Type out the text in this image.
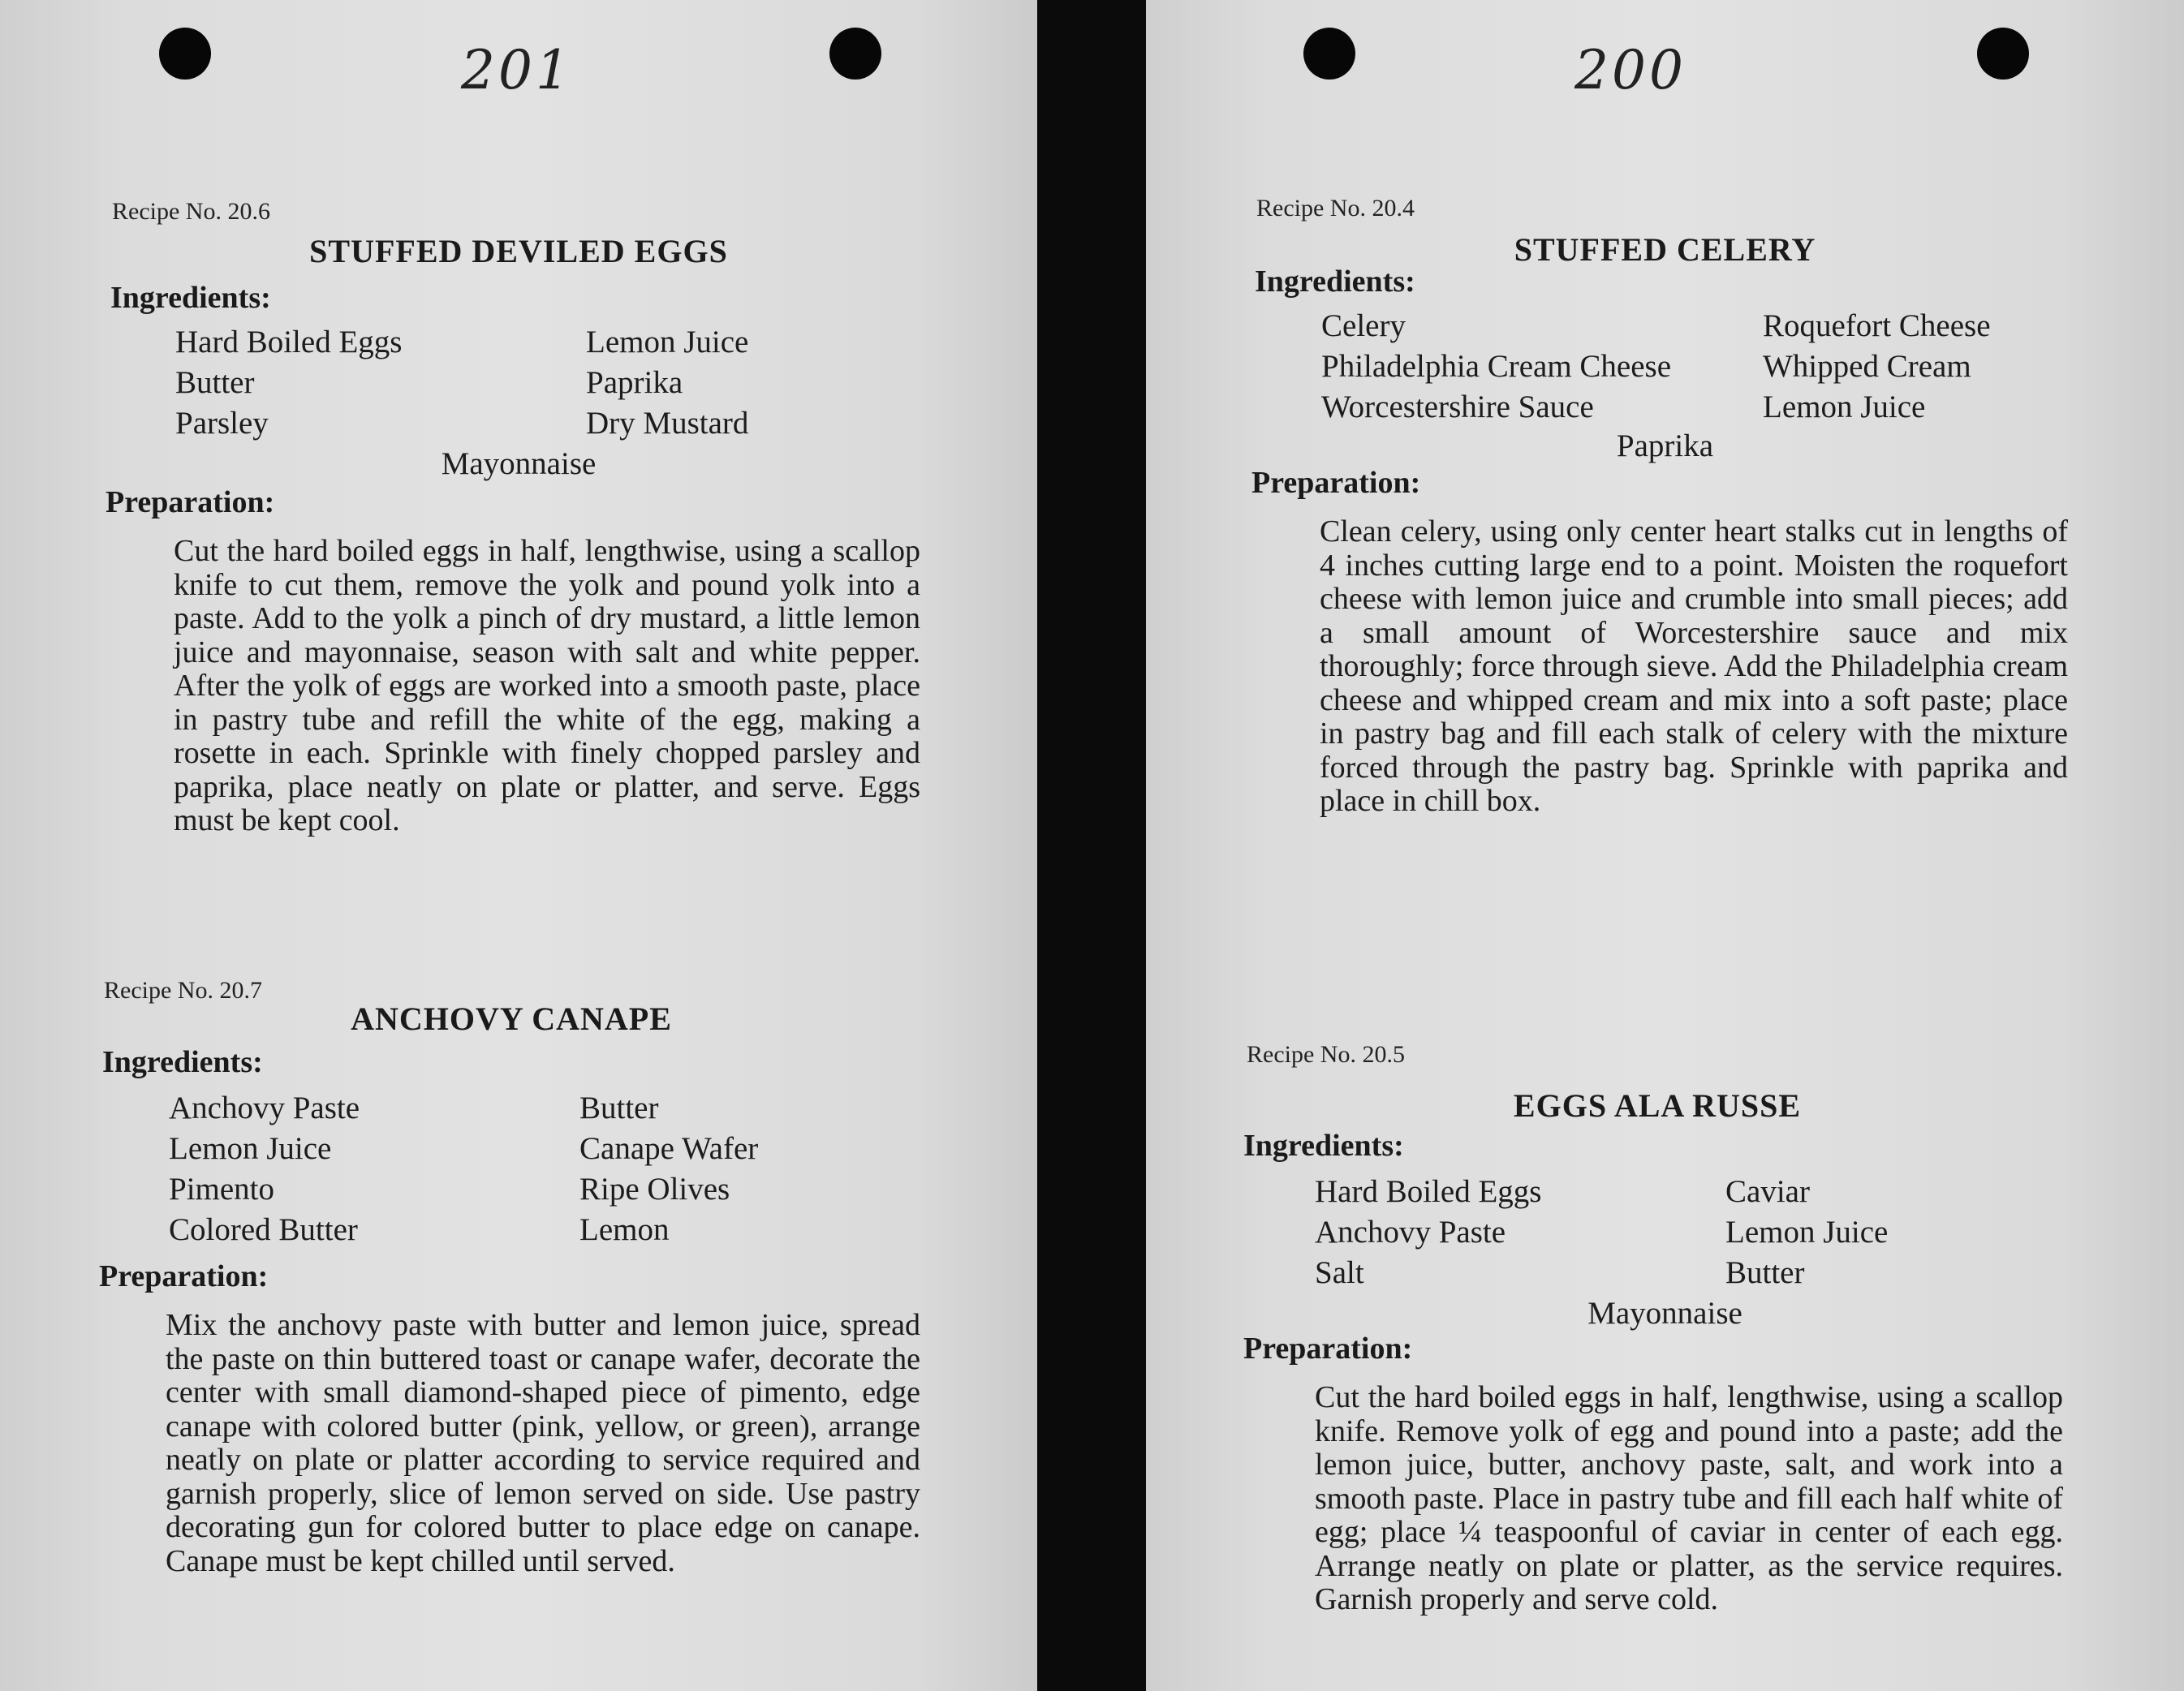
201
Recipe No. 20.6
STUFFED DEVILED EGGS
Ingredients:
Hard Boiled Eggs
Butter
Parsley
Lemon Juice
Paprika
Dry Mustard
Mayonnaise
Preparation:
Cut the hard boiled eggs in half, lengthwise, using a scallop knife to cut them, remove the yolk and pound yolk into a paste. Add to the yolk a pinch of dry mustard, a little lemon juice and mayonnaise, season with salt and white pepper. After the yolk of eggs are worked into a smooth paste, place in pastry tube and refill the white of the egg, making a rosette in each. Sprinkle with finely chopped parsley and paprika, place neatly on plate or platter, and serve. Eggs must be kept cool.
Recipe No. 20.7
ANCHOVY CANAPE
Ingredients:
Anchovy Paste
Lemon Juice
Pimento
Colored Butter
Butter
Canape Wafer
Ripe Olives
Lemon
Preparation:
Mix the anchovy paste with butter and lemon juice, spread the paste on thin buttered toast or canape wafer, decorate the center with small diamond-shaped piece of pimento, edge canape with colored butter (pink, yellow, or green), arrange neatly on plate or platter according to service required and garnish properly, slice of lemon served on side. Use pastry decorating gun for colored butter to place edge on canape. Canape must be kept chilled until served.
200
Recipe No. 20.4
STUFFED CELERY
Ingredients:
Celery
Philadelphia Cream Cheese
Worcestershire Sauce
Roquefort Cheese
Whipped Cream
Lemon Juice
Paprika
Preparation:
Clean celery, using only center heart stalks cut in lengths of 4 inches cutting large end to a point. Moisten the roquefort cheese with lemon juice and crumble into small pieces; add a small amount of Worcestershire sauce and mix thoroughly; force through sieve. Add the Philadelphia cream cheese and whipped cream and mix into a soft paste; place in pastry bag and fill each stalk of celery with the mixture forced through the pastry bag. Sprinkle with paprika and place in chill box.
Recipe No. 20.5
EGGS ALA RUSSE
Ingredients:
Hard Boiled Eggs
Anchovy Paste
Salt
Caviar
Lemon Juice
Butter
Mayonnaise
Preparation:
Cut the hard boiled eggs in half, lengthwise, using a scallop knife. Remove yolk of egg and pound into a paste; add the lemon juice, butter, anchovy paste, salt, and work into a smooth paste. Place in pastry tube and fill each half white of egg; place ¼ teaspoonful of caviar in center of each egg. Arrange neatly on plate or platter, as the service requires. Garnish properly and serve cold.
